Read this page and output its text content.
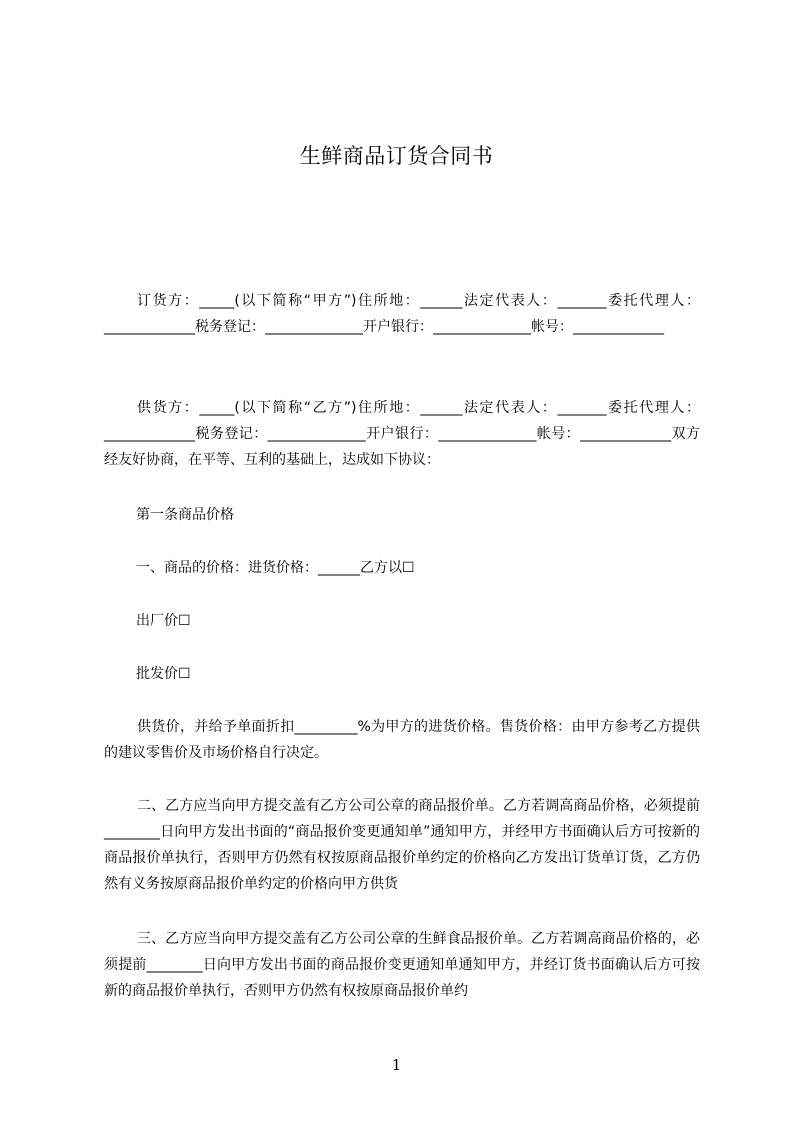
生鲜商品订货合同书

订货方：_____(以下简称“甲方”)住所地：______法定代表人：_______委托代理人：_____________税务登记：______________开户银行：______________帐号：_____________

供货方：_____(以下简称“乙方”)住所地：______法定代表人：_______委托代理人：_____________税务登记：______________开户银行：______________帐号：_____________双方经友好协商，在平等、互利的基础上，达成如下协议：

第一条商品价格
一、商品的价格：进货价格：______乙方以☐
出厂价☐
批发价☐

供货价，并给予单面折扣_________%为甲方的进货价格。售货价格：由甲方参考乙方提供的建议零售价及市场价格自行决定。

二、乙方应当向甲方提交盖有乙方公司公章的商品报价单。乙方若调高商品价格，必须提前________日向甲方发出书面的“商品报价变更通知单”通知甲方，并经甲方书面确认后方可按新的商品报价单执行，否则甲方仍然有权按原商品报价单约定的价格向乙方发出订货单订货，乙方仍然有义务按原商品报价单约定的价格向甲方供货

三、乙方应当向甲方提交盖有乙方公司公章的生鲜食品报价单。乙方若调高商品价格的，必须提前________日向甲方发出书面的商品报价变更通知单通知甲方，并经订货书面确认后方可按新的商品报价单执行，否则甲方仍然有权按原商品报价单约

1
